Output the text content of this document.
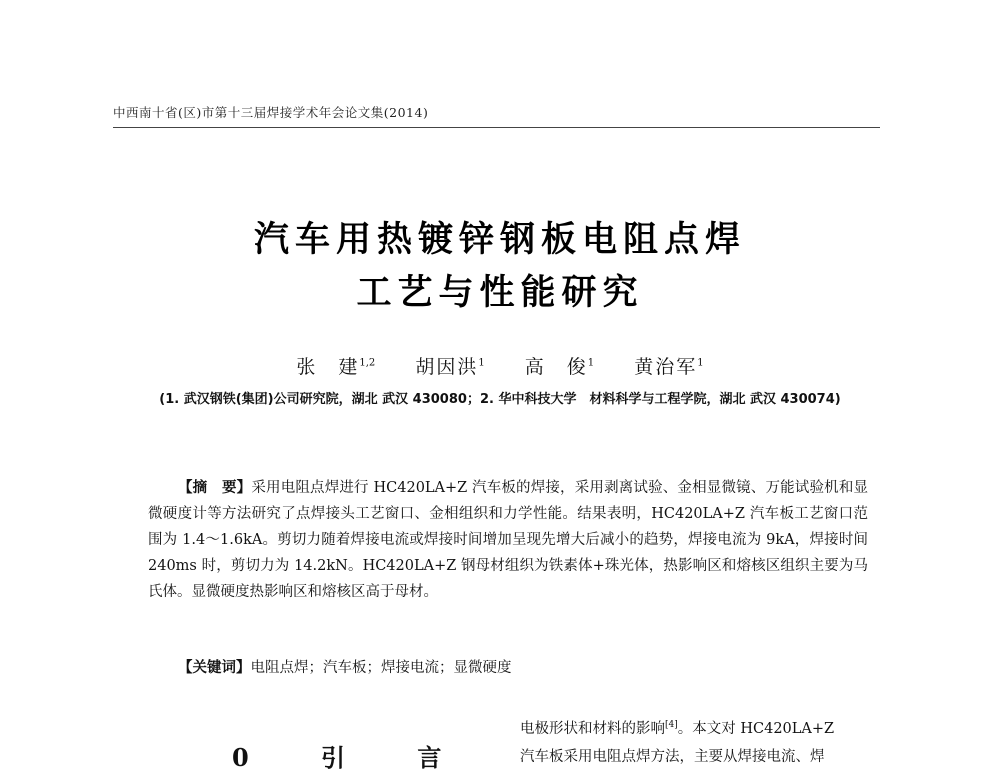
中西南十省(区)市第十三届焊接学术年会论文集(2014)
汽车用热镀锌钢板电阻点焊
工艺与性能研究
张　建$^{1,2}$ 胡因洪$^1$ 高　俊$^1$ 黄治军$^1$
(1. 武汉钢铁(集团)公司研究院，湖北 武汉 430080；2. 华中科技大学　材料科学与工程学院，湖北 武汉 430074)
【摘　要】采用电阻点焊进行 HC420LA+Z 汽车板的焊接，采用剥离试验、金相显微镜、万能试验机和显微硬度计等方法研究了点焊接头工艺窗口、金相组织和力学性能。结果表明，HC420LA+Z 汽车板工艺窗口范围为 1.4～1.6kA。剪切力随着焊接电流或焊接时间增加呈现先增大后减小的趋势，焊接电流为 9kA，焊接时间 240ms 时，剪切力为 14.2kN。HC420LA+Z 钢母材组织为铁素体+珠光体，热影响区和熔核区组织主要为马氏体。显微硬度热影响区和熔核区高于母材。
【关键词】电阻点焊；汽车板；焊接电流；显微硬度
0 引 言
电极形状和材料的影响[4]。本文对 HC420LA+Z
汽车板采用电阻点焊方法，主要从焊接电流、焊
